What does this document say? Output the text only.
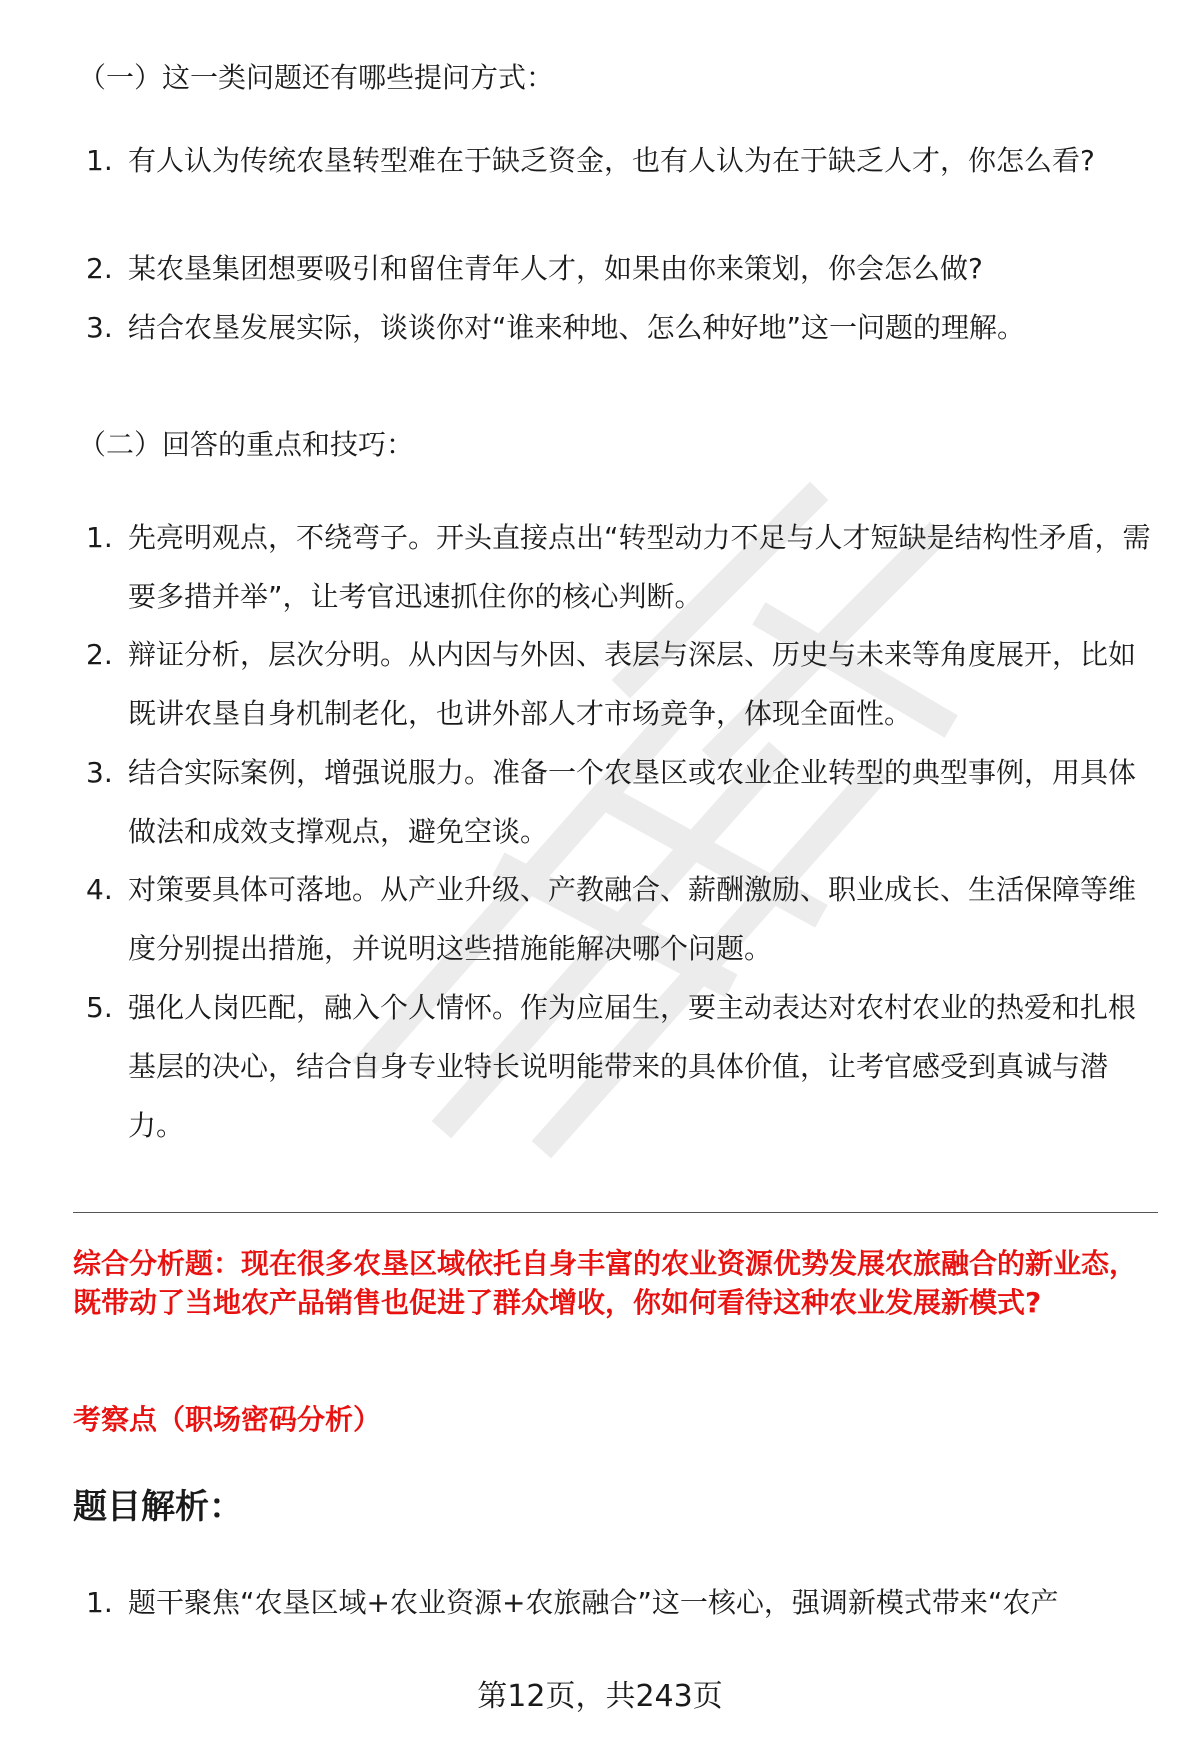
（一）这一类问题还有哪些提问方式：
1. 有人认为传统农垦转型难在于缺乏资金，也有人认为在于缺乏人才，你怎么看?
2. 某农垦集团想要吸引和留住青年人才，如果由你来策划，你会怎么做?
3. 结合农垦发展实际，谈谈你对“谁来种地、怎么种好地”这一问题的理解。
（二）回答的重点和技巧：
1. 先亮明观点，不绕弯子。开头直接点出“转型动力不足与人才短缺是结构性矛盾，需要多措并举”，让考官迅速抓住你的核心判断。
2. 辩证分析，层次分明。从内因与外因、表层与深层、历史与未来等角度展开，比如既讲农垦自身机制老化，也讲外部人才市场竞争，体现全面性。
3. 结合实际案例，增强说服力。准备一个农垦区或农业企业转型的典型事例，用具体做法和成效支撑观点，避免空谈。
4. 对策要具体可落地。从产业升级、产教融合、薪酬激励、职业成长、生活保障等维度分别提出措施，并说明这些措施能解决哪个问题。
5. 强化人岗匹配，融入个人情怀。作为应届生，要主动表达对农村农业的热爱和扎根基层的决心，结合自身专业特长说明能带来的具体价值，让考官感受到真诚与潜力。
综合分析题：现在很多农垦区域依托自身丰富的农业资源优势发展农旅融合的新业态，既带动了当地农产品销售也促进了群众增收，你如何看待这种农业发展新模式?
考察点（职场密码分析）
题目解析：
1. 题干聚焦“农垦区域+农业资源+农旅融合”这一核心，强调新模式带来“农产
第12页，共243页
